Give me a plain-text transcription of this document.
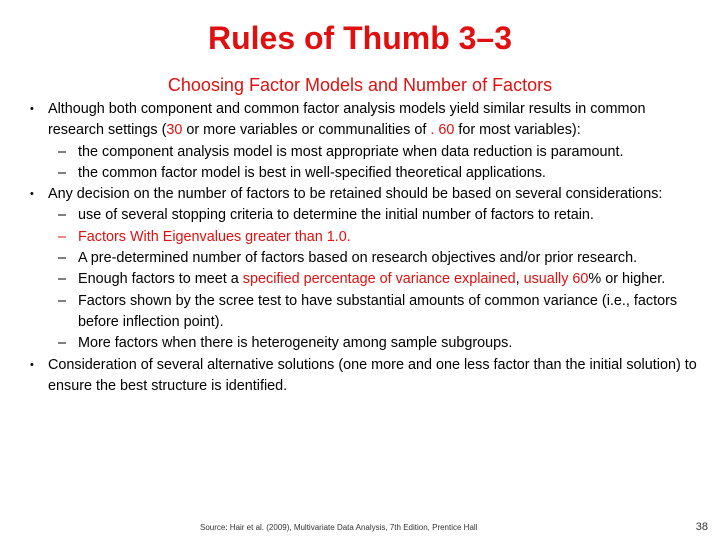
Rules of Thumb 3–3
Choosing Factor Models and Number of Factors
• Although both component and common factor analysis models yield similar results in common research settings (30 or more variables or communalities of . 60 for most variables):
– the component analysis model is most appropriate when data reduction is paramount.
– the common factor model is best in well-specified theoretical applications.
• Any decision on the number of factors to be retained should be based on several considerations:
– use of several stopping criteria to determine the initial number of factors to retain.
– Factors With Eigenvalues greater than 1.0.
– A pre-determined number of factors based on research objectives and/or prior research.
– Enough factors to meet a specified percentage of variance explained, usually 60% or higher.
– Factors shown by the scree test to have substantial amounts of common variance (i.e., factors before inflection point).
– More factors when there is heterogeneity among sample subgroups.
• Consideration of several alternative solutions (one more and one less factor than the initial solution) to ensure the best structure is identified.
Source: Hair et al. (2009), Multivariate Data Analysis, 7th Edition, Prentice Hall	38
